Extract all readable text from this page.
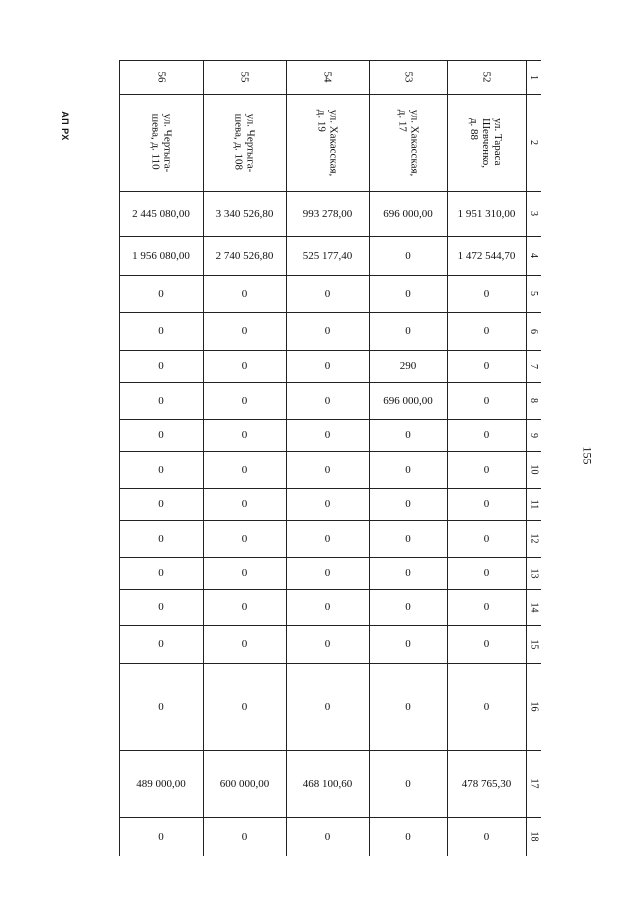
АП РХ
155
56
ул. Чертыга-
шева, д. 110
2 445 080,00
1 956 080,00
0
0
0
0
0
0
0
0
0
0
0
0
489 000,00
0
55
ул. Чертыга-
шева, д. 108
3 340 526,80
2 740 526,80
0
0
0
0
0
0
0
0
0
0
0
0
600 000,00
0
54
ул. Хакасская,
д. 19
993 278,00
525 177,40
0
0
0
0
0
0
0
0
0
0
0
0
468 100,60
0
53
ул. Хакасская,
д. 17
696 000,00
0
0
0
290
696 000,00
0
0
0
0
0
0
0
0
0
0
52
ул. Тараса
Шевченко,
д. 88
1 951 310,00
1 472 544,70
0
0
0
0
0
0
0
0
0
0
0
0
478 765,30
0
1
2
3
4
5
6
7
8
9
10
11
12
13
14
15
16
17
18
